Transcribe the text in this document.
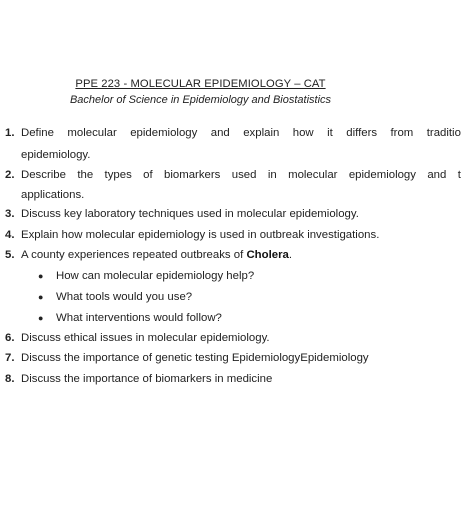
PPE 223 - MOLECULAR EPIDEMIOLOGY – CAT
Bachelor of Science in Epidemiology and Biostatistics
1. Define molecular epidemiology and explain how it differs from traditio
epidemiology.
2. Describe the types of biomarkers used in molecular epidemiology and t
applications.
3. Discuss key laboratory techniques used in molecular epidemiology.
4. Explain how molecular epidemiology is used in outbreak investigations.
5. A county experiences repeated outbreaks of Cholera.
● How can molecular epidemiology help?
● What tools would you use?
● What interventions would follow?
6. Discuss ethical issues in molecular epidemiology.
7. Discuss the importance of genetic testing EpidemiologyEpidemiology
8. Discuss the importance of biomarkers in medicine
